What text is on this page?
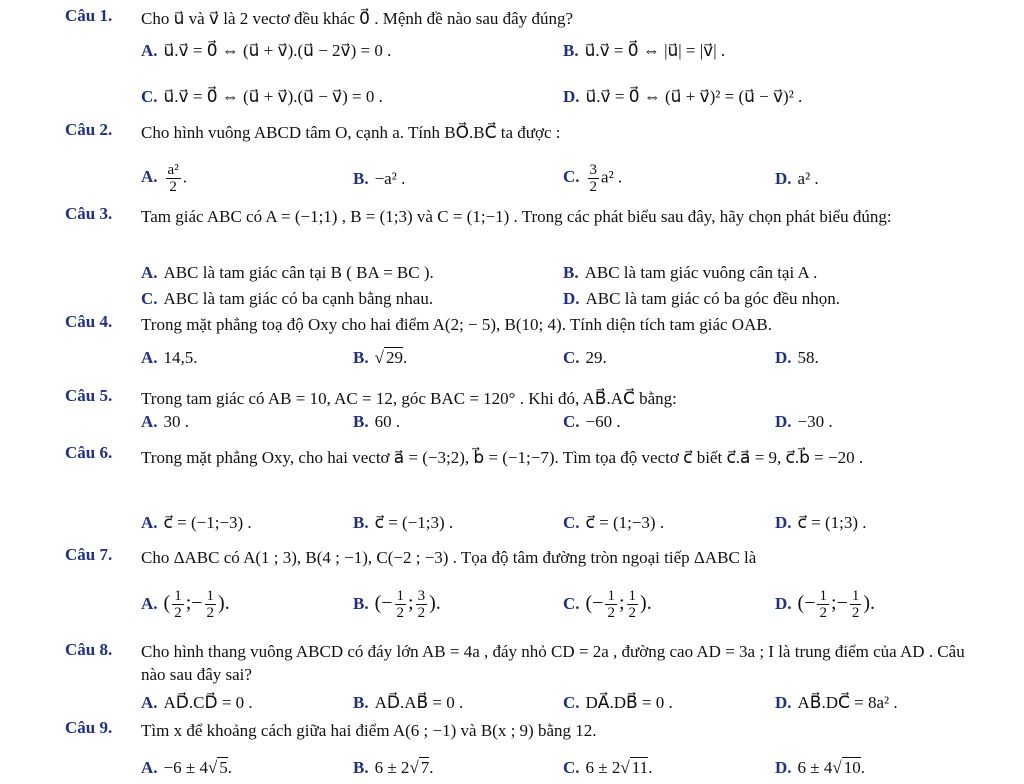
Câu 1. Cho u⃗ và v⃗ là 2 vectơ đều khác 0⃗ . Mệnh đề nào sau đây đúng?
A. u⃗.v⃗ = 0⃗ ⇔ (u⃗ + v⃗).(u⃗ − 2v⃗) = 0 .	B. u⃗.v⃗ = 0⃗ ⇔ |u⃗| = |v⃗| .
C. u⃗.v⃗ = 0⃗ ⇔ (u⃗ + v⃗).(u⃗ − v⃗) = 0 .	D. u⃗.v⃗ = 0⃗ ⇔ (u⃗ + v⃗)² = (u⃗ − v⃗)² .
Câu 2. Cho hình vuông ABCD tâm O, cạnh a. Tính BO⃗.BC⃗ ta được :
A. $\frac{\text{a²}}{2}$ .	B. −a² .	C. $\frac{3}{2} a^2$ .	D. a² .
Câu 3. Tam giác ABC có A = (−1;1) , B = (1;3) và C = (1;−1) . Trong các phát biểu sau đây, hãy chọn phát biểu đúng:
A. ABC là tam giác cân tại B ( BA = BC ).	B. ABC là tam giác vuông cân tại A .
C. ABC là tam giác có ba cạnh bằng nhau.	D. ABC là tam giác có ba góc đều nhọn.
Câu 4. Trong mặt phẳng toạ độ Oxy cho hai điểm A(2; − 5), B(10; 4). Tính diện tích tam giác OAB.
A. 14,5.	B. √ 29.	C. 29.	D. 58.
Câu 5. Trong tam giác có AB = 10, AC = 12, góc BAC = 120° . Khi đó, AB⃗.AC⃗ bằng:
A. 30 .	B. 60 .	C. −60 .	D. −30 .
Câu 6. Trong mặt phẳng Oxy, cho hai vectơ a⃗ = (−3;2), b⃗ = (−1;−7). Tìm tọa độ vectơ c⃗ biết c⃗.a⃗ = 9, c⃗.b⃗ = −20 .
A. c⃗ = (−1;−3) .	B. c⃗ = (−1;3) .	C. c⃗ = (1;−3) .	D. c⃗ = (1;3) .
Câu 7. Cho ΔABC có A(1 ; 3), B(4 ; −1), C(−2 ; −3) . Tọa độ tâm đường tròn ngoại tiếp ΔABC là
A. ( $\frac{1}{2}$ ;− $\frac{1}{2}$ ).	B. (− $\frac{1}{2}$ ; $\frac{3}{2}$ ).	C. (− $\frac{1}{2}$ ; $\frac{1}{2}$ ).	D. (− $\frac{1}{2}$ ;− $\frac{1}{2}$ ).
Câu 8. Cho hình thang vuông ABCD có đáy lớn AB = 4a , đáy nhỏ CD = 2a , đường cao AD = 3a ; I là trung điểm của AD . Câu nào sau đây sai?
A. AD⃗.CD⃗ = 0 .	B. AD⃗.AB⃗ = 0 .	C. DA⃗.DB⃗ = 0 .	D. AB⃗.DC⃗ = 8a² .
Câu 9. Tìm x để khoảng cách giữa hai điểm A(6 ; −1) và B(x ; 9) bằng 12.
A. −6 ± 4√ 5.	B. 6 ± 2√ 7.	C. 6 ± 2√ 11.	D. 6 ± 4√ 10.
